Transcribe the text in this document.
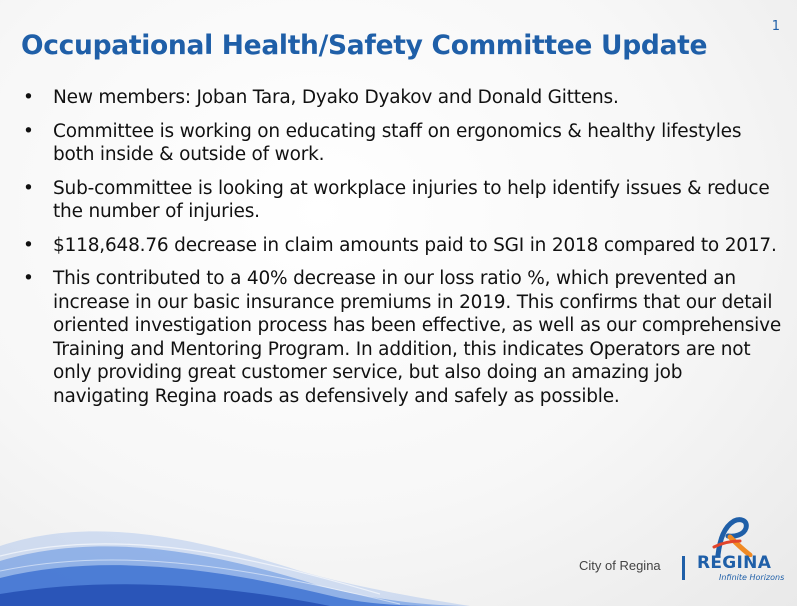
1
Occupational Health/Safety Committee Update
• New members: Joban Tara, Dyako Dyakov and Donald Gittens.
• Committee is working on educating staff on ergonomics & healthy lifestyles both inside & outside of work.
• Sub-committee is looking at workplace injuries to help identify issues & reduce the number of injuries.
• $118,648.76 decrease in claim amounts paid to SGI in 2018 compared to 2017.
• This contributed to a 40% decrease in our loss ratio %, which prevented an increase in our basic insurance premiums in 2019. This confirms that our detail oriented investigation process has been effective, as well as our comprehensive Training and Mentoring Program. In addition, this indicates Operators are not only providing great customer service, but also doing an amazing job navigating Regina roads as defensively and safely as possible.
City of Regina REGINA
Infinite Horizons
